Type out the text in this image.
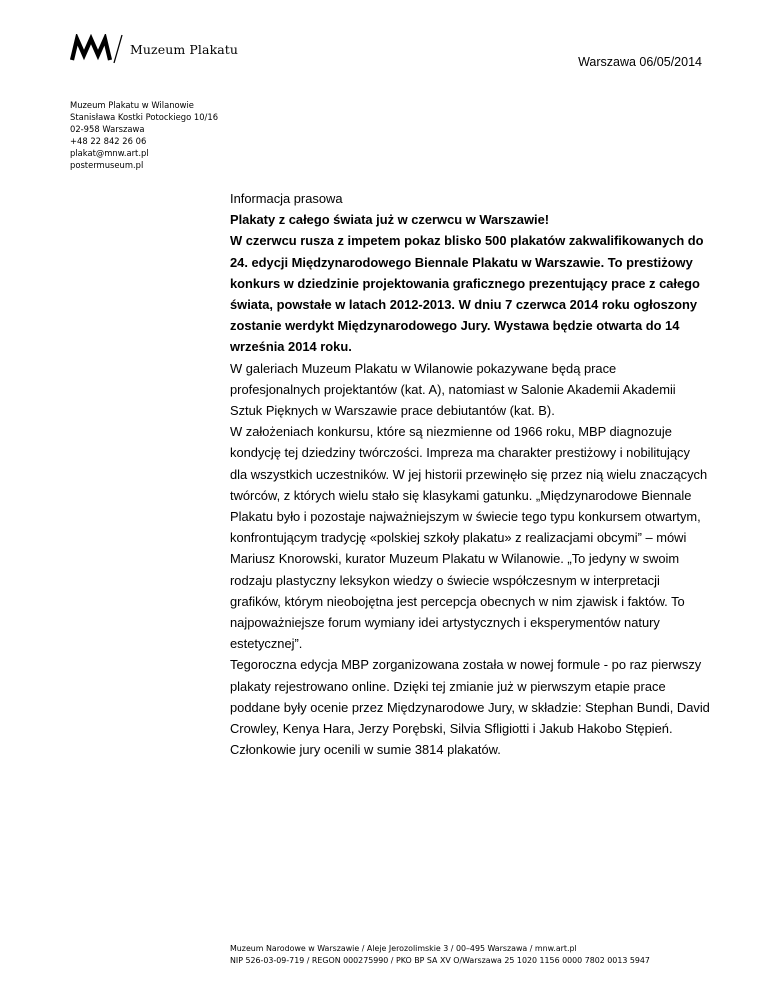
Muzeum Plakatu
Warszawa 06/05/2014
Muzeum Plakatu w Wilanowie
Stanisława Kostki Potockiego 10/16
02-958 Warszawa
+48 22 842 26 06
plakat@mnw.art.pl
postermuseum.pl

Informacja prasowa

Plakaty z całego świata już w czerwcu w Warszawie!

W czerwcu rusza z impetem pokaz blisko 500 plakatów zakwalifikowanych do 24. edycji Międzynarodowego Biennale Plakatu w Warszawie. To prestiżowy konkurs w dziedzinie projektowania graficznego prezentujący prace z całego świata, powstałe w latach 2012-2013. W dniu 7 czerwca 2014 roku ogłoszony zostanie werdykt Międzynarodowego Jury. Wystawa będzie otwarta do 14 września 2014 roku.

W galeriach Muzeum Plakatu w Wilanowie pokazywane będą prace profesjonalnych projektantów (kat. A), natomiast w Salonie Akademii Akademii Sztuk Pięknych w Warszawie prace debiutantów (kat. B).

W założeniach konkursu, które są niezmienne od 1966 roku, MBP diagnozuje kondycję tej dziedziny twórczości. Impreza ma charakter prestiżowy i nobilitujący dla wszystkich uczestników. W jej historii przewinęło się przez nią wielu znaczących twórców, z których wielu stało się klasykami gatunku. „Międzynarodowe Biennale Plakatu było i pozostaje najważniejszym w świecie tego typu konkursem otwartym, konfrontującym tradycję «polskiej szkoły plakatu» z realizacjami obcymi” – mówi Mariusz Knorowski, kurator Muzeum Plakatu w Wilanowie. „To jedyny w swoim rodzaju plastyczny leksykon wiedzy o świecie współczesnym w interpretacji grafików, którym nieobojętna jest percepcja obecnych w nim zjawisk i faktów. To najpoważniejsze forum wymiany idei artystycznych i eksperymentów natury estetycznej”.

Tegoroczna edycja MBP zorganizowana została w nowej formule - po raz pierwszy plakaty rejestrowano online. Dzięki tej zmianie już w pierwszym etapie prace poddane były ocenie przez Międzynarodowe Jury, w składzie: Stephan Bundi, David Crowley, Kenya Hara, Jerzy Porębski, Silvia Sfligiotti i Jakub Hakobo Stępień. Członkowie jury ocenili w sumie 3814 plakatów.

Muzeum Narodowe w Warszawie / Aleje Jerozolimskie 3 / 00–495 Warszawa / mnw.art.pl
NIP 526-03-09-719 / REGON 000275990 / PKO BP SA XV O/Warszawa 25 1020 1156 0000 7802 0013 5947
